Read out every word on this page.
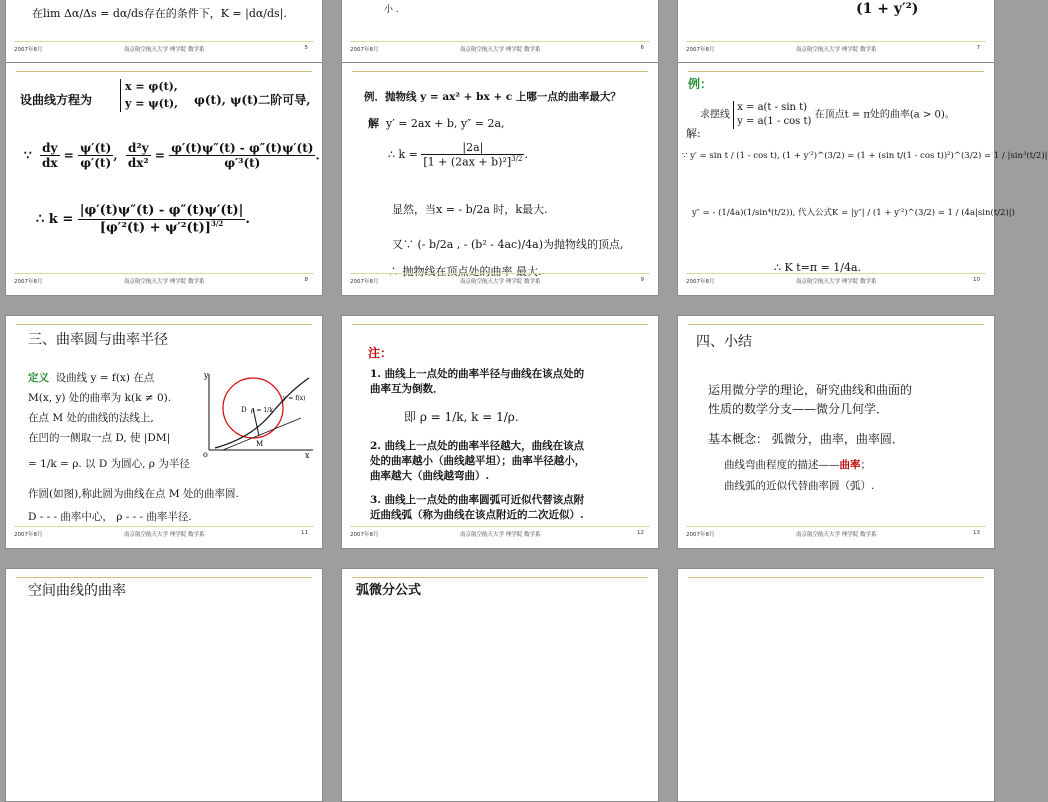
在lim Δα/Δs = dα/ds存在的条件下，K = |dα/ds|.
2007年8月	南京航空航天大学 理学院 数学系	5
小 .
2007年8月	南京航空航天大学 理学院 数学系	6
(1 + y′²)
2007年8月	南京航空航天大学 理学院 数学系	7
设曲线方程为
x = φ(t),
y = ψ(t), φ(t), ψ(t)二阶可导,
∵ $\frac{dy}{dx} = \frac{\psi'(t)}{\varphi'(t)}$ , $\frac{\text{d²y}}{\text{dx²}} = \frac{\varphi'(t)\psi''(t) - \varphi''(t)\psi'(t)}{\text{φ′³(t)}}$ .
∴ $k = \frac{|\varphi'(t)\psi''(t) - \varphi''(t)\psi'(t)|}{[\varphi'^2(t) + \psi'^2(t)]^{3/2}}$ .
2007年8月	南京航空航天大学 理学院 数学系	8
例．抛物线 y = ax² + bx + c 上哪一点的曲率最大？
解 y′ = 2ax + b, y″ = 2a,
∴ $k = \frac{|2a|}{[1 + (2ax + b)^2]^{3/2}}$ .
显然，当x = - b/2a 时，k最大.
又∵ (- b/2a , - (b² - 4ac)/4a)为抛物线的顶点,
∴ 抛物线在顶点处的曲率 最大.
2007年8月	南京航空航天大学 理学院 数学系	9
例：
求摆线
x = a(t - sin t)
y = a(1 - cos t)
在顶点t = π处的曲率(a > 0)。
解:
∵ y′ = sin t / (1 - cos t), (1 + y′²)^(3/2) = (1 + (sin t/(1 - cos t))²)^(3/2) = 1 / |sin³(t/2)|
y″ = - (1/4a)(1/sin⁴(t/2)), 代入公式K = |y″| / (1 + y′²)^(3/2) = 1 / (4a|sin(t/2)|)
∴ K t=π = 1/4a.
2007年8月	南京航空航天大学 理学院 数学系	10
三、曲率圆与曲率半径
定义 设曲线 y = f(x) 在点
M(x, y) 处的曲率为 k(k ≠ 0).
在点 M 处的曲线的法线上,
在凹的一侧取一点 D, 使 |DM|
= 1/k = ρ. 以 D 为圆心, ρ 为半径
作圆(如图),称此圆为曲线在点 M 处的曲率圆.
D - - - 曲率中心， ρ - - - 曲率半径.
y
o	x
D ρ = 1/k
M
y = f(x)
2007年8月	南京航空航天大学 理学院 数学系	11
注：
1. 曲线上一点处的曲率半径与曲线在该点处的
曲率互为倒数．
即 ρ = 1/k, k = 1/ρ.
2. 曲线上一点处的曲率半径越大，曲线在该点
处的曲率越小（曲线越平坦）；曲率半径越小，
曲率越大（曲线越弯曲）.
3. 曲线上一点处的曲率圆弧可近似代替该点附
近曲线弧（称为曲线在该点附近的二次近似）.
2007年8月	南京航空航天大学 理学院 数学系	12
四、小结
运用微分学的理论，研究曲线和曲面的
性质的数学分支——微分几何学．
基本概念： 弧微分，曲率，曲率圆．
曲线弯曲程度的描述——曲率；
曲线弧的近似代替曲率圆（弧）.
2007年8月	南京航空航天大学 理学院 数学系	13
空间曲线的曲率	弧微分公式
